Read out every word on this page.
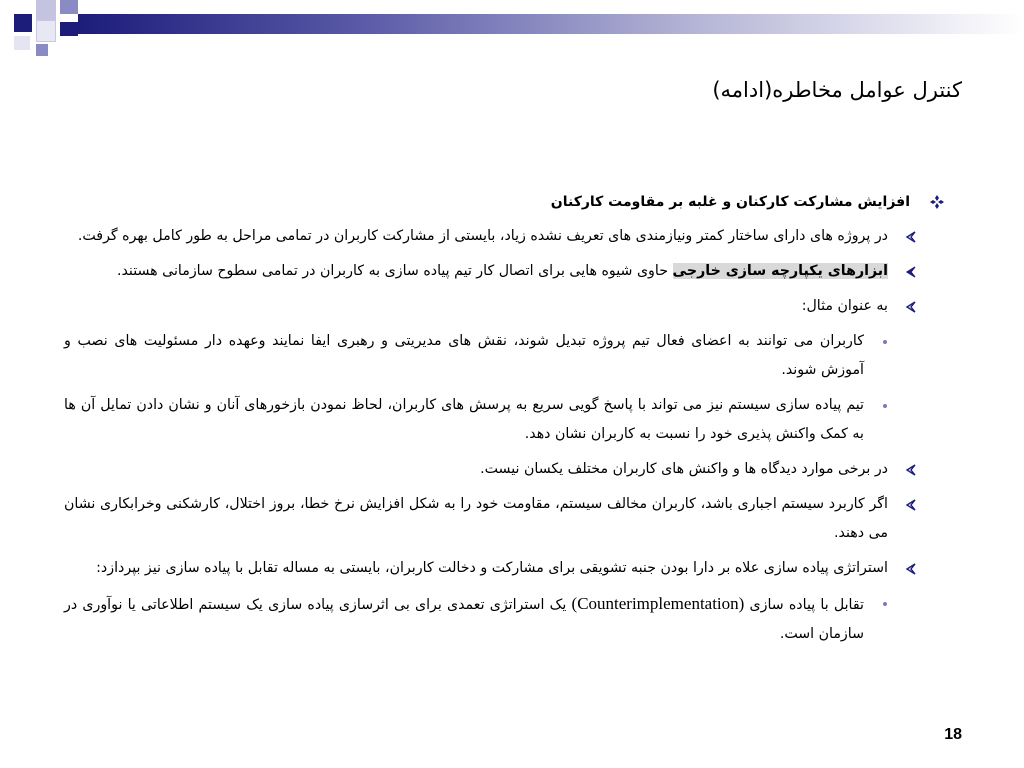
کنترل عوامل مخاطره(ادامه)
افزایش مشارکت کارکنان و غلبه بر مقاومت کارکنان
در پروژه های دارای ساختار کمتر ونیازمندی های تعریف نشده زیاد، بایستی از مشارکت کاربران در تمامی مراحل به طور کامل بهره گرفت.
ابزارهای یکپارچه سازی خارجی حاوی شیوه هایی برای اتصال کار تیم پیاده سازی به کاربران در تمامی سطوح سازمانی هستند.
به عنوان مثال:
کاربران می توانند به اعضای فعال تیم پروژه تبدیل شوند، نقش های مدیریتی و رهبری ایفا نمایند وعهده دار مسئولیت های نصب و آموزش شوند.
تیم پیاده سازی سیستم نیز می تواند با پاسخ گویی سریع به پرسش های کاربران، لحاظ نمودن بازخورهای آنان و نشان دادن تمایل آن ها به کمک واکنش پذیری خود را نسبت به کاربران نشان دهد.
در برخی موارد دیدگاه ها و واکنش های کاربران مختلف یکسان نیست.
اگر کاربرد سیستم اجباری باشد، کاربران مخالف سیستم، مقاومت خود را به شکل افزایش نرخ خطا، بروز اختلال، کارشکنی وخرابکاری نشان می دهند.
استراتژی پیاده سازی علاه بر دارا بودن جنبه تشویقی برای مشارکت و دخالت کاربران، بایستی به مساله تقابل با پیاده سازی نیز بپردازد:
تقابل با پیاده سازی (Counterimplementation) یک استراتژی تعمدی برای بی اثرسازی پیاده سازی یک سیستم اطلاعاتی یا نوآوری در سازمان است.
18
